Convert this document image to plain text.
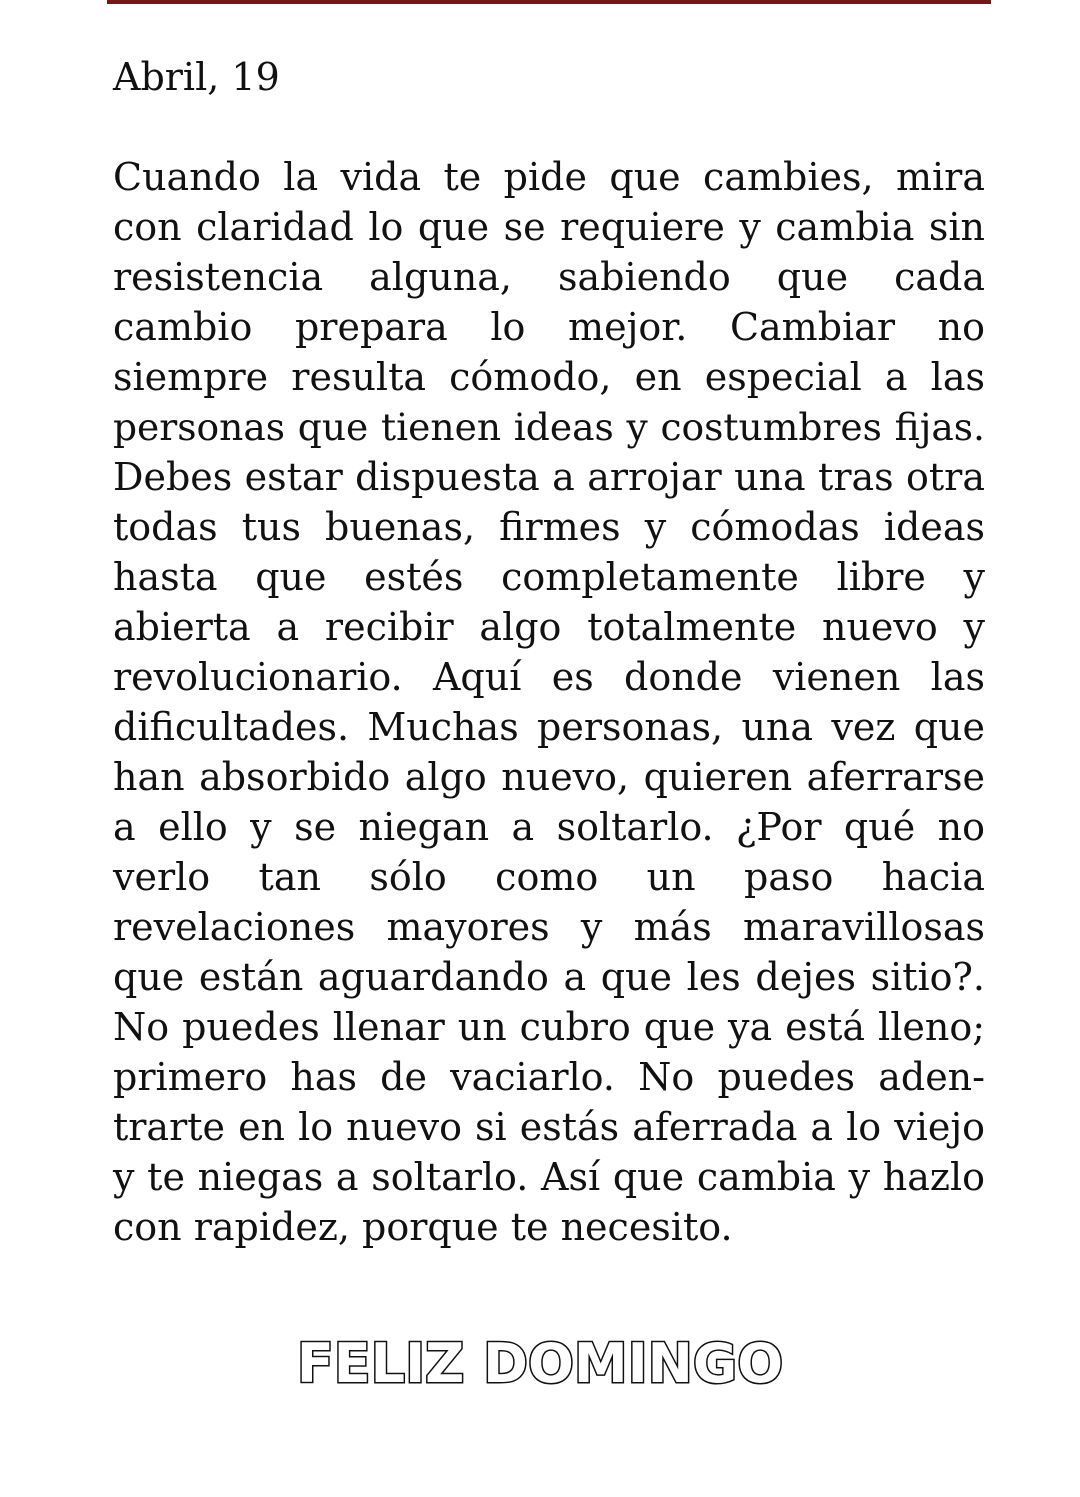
Abril, 19
Cuando la vida te pide que cambies, mira
con claridad lo que se requiere y cambia sin
resistencia alguna, sabiendo que cada
cambio prepara lo mejor. Cambiar no
siempre resulta cómodo, en especial a las
personas que tienen ideas y costumbres fijas.
Debes estar dispuesta a arrojar una tras otra
todas tus buenas, firmes y cómodas ideas
hasta que estés completamente libre y
abierta a recibir algo totalmente nuevo y
revolucionario. Aquí es donde vienen las
dificultades. Muchas personas, una vez que
han absorbido algo nuevo, quieren aferrarse
a ello y se niegan a soltarlo. ¿Por qué no
verlo tan sólo como un paso hacia
revelaciones mayores y más maravillosas
que están aguardando a que les dejes sitio?.
No puedes llenar un cubro que ya está lleno;
primero has de vaciarlo. No puedes aden-
trarte en lo nuevo si estás aferrada a lo viejo
y te niegas a soltarlo. Así que cambia y hazlo
con rapidez, porque te necesito.
FELIZ DOMINGO
